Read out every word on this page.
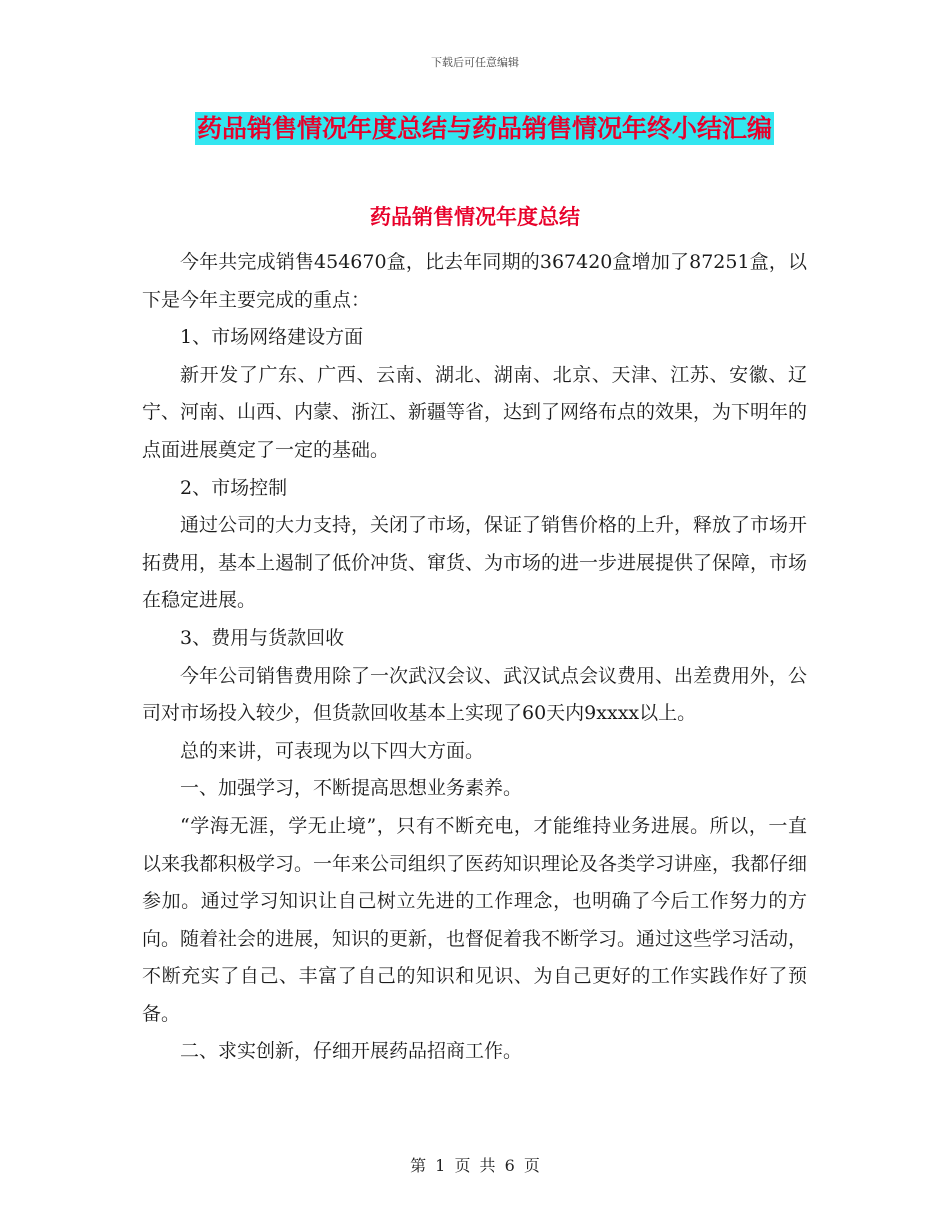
下载后可任意编辑
药品销售情况年度总结与药品销售情况年终小结汇编
药品销售情况年度总结

今年共完成销售454670盒，比去年同期的367420盒增加了87251盒，以下是今年主要完成的重点：

1、市场网络建设方面

新开发了广东、广西、云南、湖北、湖南、北京、天津、江苏、安徽、辽宁、河南、山西、内蒙、浙江、新疆等省，达到了网络布点的效果，为下明年的点面进展奠定了一定的基础。

2、市场控制

通过公司的大力支持，关闭了市场，保证了销售价格的上升，释放了市场开拓费用，基本上遏制了低价冲货、窜货、为市场的进一步进展提供了保障，市场在稳定进展。

3、费用与货款回收

今年公司销售费用除了一次武汉会议、武汉试点会议费用、出差费用外，公司对市场投入较少，但货款回收基本上实现了60天内9xxxx以上。

总的来讲，可表现为以下四大方面。

一、加强学习，不断提高思想业务素养。

“学海无涯，学无止境”，只有不断充电，才能维持业务进展。所以，一直以来我都积极学习。一年来公司组织了医药知识理论及各类学习讲座，我都仔细参加。通过学习知识让自己树立先进的工作理念，也明确了今后工作努力的方向。随着社会的进展，知识的更新，也督促着我不断学习。通过这些学习活动，不断充实了自己、丰富了自己的知识和见识、为自己更好的工作实践作好了预备。

二、求实创新，仔细开展药品招商工作。

第 1 页 共 6 页
